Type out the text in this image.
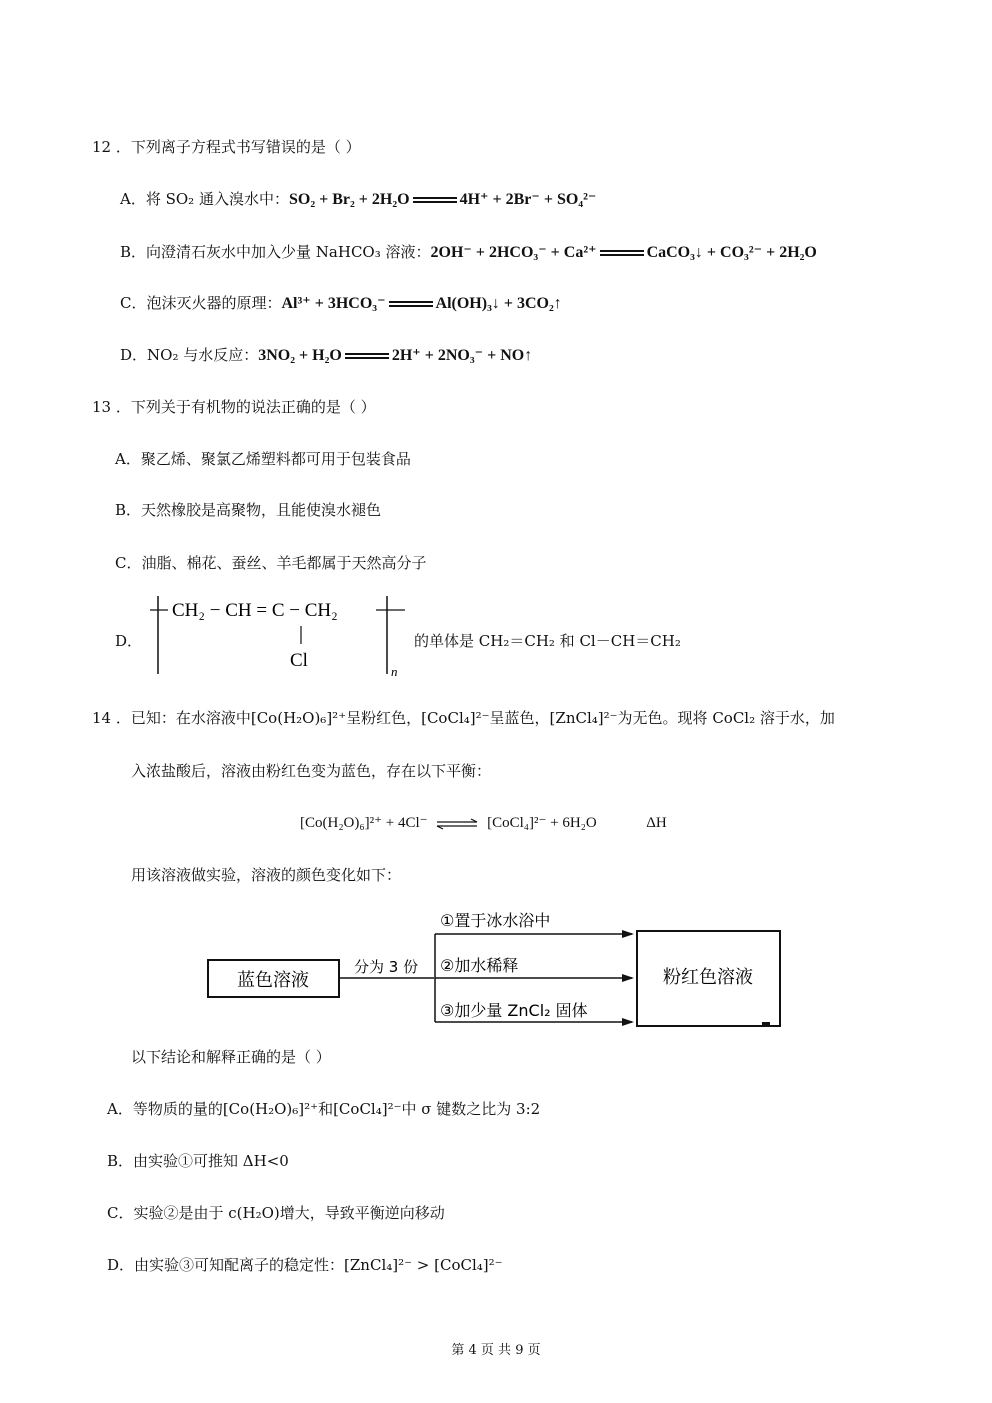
12 ．下列离子方程式书写错误的是（ ）
A．将 SO₂ 通入溴水中：SO₂ + Br₂ + 2H₂O	4H⁺ + 2Br⁻ + SO₄²⁻
B．向澄清石灰水中加入少量 NaHCO₃ 溶液：2OH⁻ + 2HCO₃⁻ + Ca²⁺	CaCO₃↓ + CO₃²⁻ + 2H₂O
C．泡沫灭火器的原理：Al³⁺ + 3HCO₃⁻	Al(OH)₃↓ + 3CO₂↑
D．NO₂ 与水反应：3NO₂ + H₂O	2H⁺ + 2NO₃⁻ + NO↑
13 ．下列关于有机物的说法正确的是（ ）
A．聚乙烯、聚氯乙烯塑料都可用于包装食品
B．天然橡胶是高聚物，且能使溴水褪色
C．油脂、棉花、蚕丝、羊毛都属于天然高分子
D．
CH₂ − CH = C − CH₂
Cl
n
的单体是 CH₂＝CH₂ 和 Cl－CH＝CH₂
14 ．已知：在水溶液中[Co(H₂O)₆]²⁺呈粉红色，[CoCl₄]²⁻呈蓝色，[ZnCl₄]²⁻为无色。现将 CoCl₂ 溶于水，加
入浓盐酸后，溶液由粉红色变为蓝色，存在以下平衡：
[Co(H₂O)₆]²⁺ + 4Cl⁻ ⇌ [CoCl₄]²⁻ + 6H₂O	ΔH
用该溶液做实验，溶液的颜色变化如下：
蓝色溶液
分为 3 份
①置于冰水浴中
②加水稀释
③加少量 ZnCl₂ 固体
粉红色溶液
以下结论和解释正确的是（ ）
A．等物质的量的[Co(H₂O)₆]²⁺和[CoCl₄]²⁻中 σ 键数之比为 3:2
B．由实验①可推知 ΔH<0
C．实验②是由于 c(H₂O)增大，导致平衡逆向移动
D．由实验③可知配离子的稳定性：[ZnCl₄]²⁻ > [CoCl₄]²⁻
第 4 页 共 9 页
